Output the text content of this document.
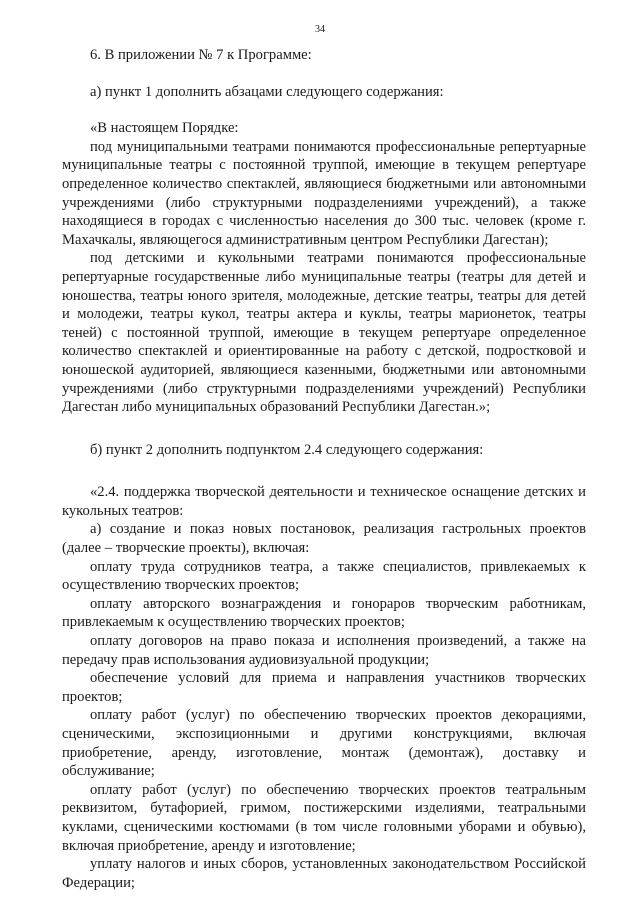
34

6. В приложении № 7 к Программе:

а) пункт 1 дополнить абзацами следующего содержания:

«В настоящем Порядке:

под муниципальными театрами понимаются профессиональные репертуарные муниципальные театры с постоянной труппой, имеющие в текущем репертуаре определенное количество спектаклей, являющиеся бюджетными или автономными учреждениями (либо структурными подразделениями учреждений), а также находящиеся в городах с численностью населения до 300 тыс. человек (кроме г. Махачкалы, являющегося административным центром Республики Дагестан);

под детскими и кукольными театрами понимаются профессиональные репертуарные государственные либо муниципальные театры (театры для детей и юношества, театры юного зрителя, молодежные, детские театры, театры для детей и молодежи, театры кукол, театры актера и куклы, театры марионеток, театры теней) с постоянной труппой, имеющие в текущем репертуаре определенное количество спектаклей и ориентированные на работу с детской, подростковой и юношеской аудиторией, являющиеся казенными, бюджетными или автономными учреждениями (либо структурными подразделениями учреждений) Республики Дагестан либо муниципальных образований Республики Дагестан.»;

б) пункт 2 дополнить подпунктом 2.4 следующего содержания:

«2.4. поддержка творческой деятельности и техническое оснащение детских и кукольных театров:

а) создание и показ новых постановок, реализация гастрольных проектов (далее – творческие проекты), включая:

оплату труда сотрудников театра, а также специалистов, привлекаемых к осуществлению творческих проектов;

оплату авторского вознаграждения и гонораров творческим работникам, привлекаемым к осуществлению творческих проектов;

оплату договоров на право показа и исполнения произведений, а также на передачу прав использования аудиовизуальной продукции;

обеспечение условий для приема и направления участников творческих проектов;

оплату работ (услуг) по обеспечению творческих проектов декорациями, сценическими, экспозиционными и другими конструкциями, включая приобретение, аренду, изготовление, монтаж (демонтаж), доставку и обслуживание;

оплату работ (услуг) по обеспечению творческих проектов театральным реквизитом, бутафорией, гримом, постижерскими изделиями, театральными куклами, сценическими костюмами (в том числе головными уборами и обувью), включая приобретение, аренду и изготовление;

уплату налогов и иных сборов, установленных законодательством Российской Федерации;
